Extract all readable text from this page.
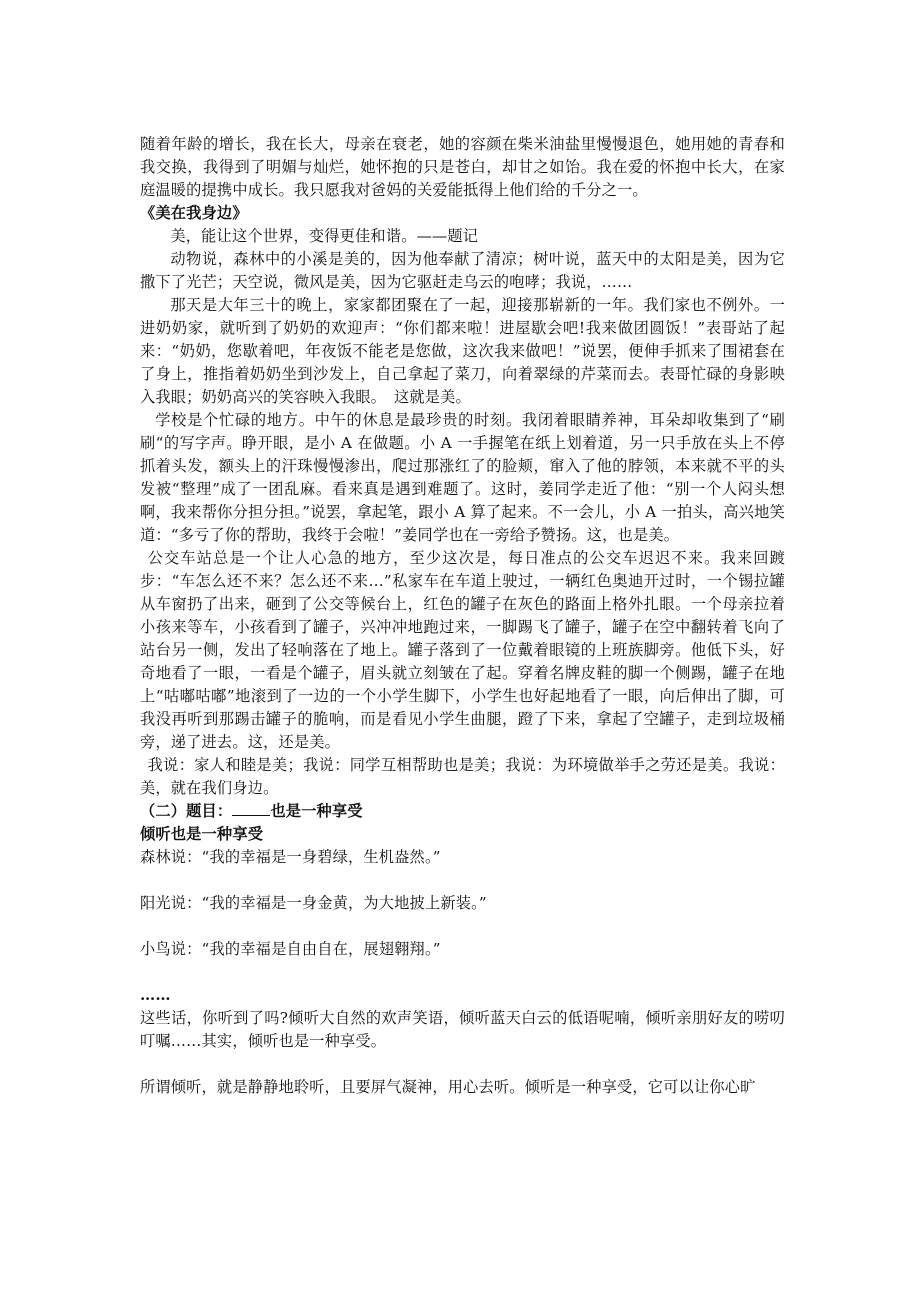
随着年龄的增长，我在长大，母亲在衰老，她的容颜在柴米油盐里慢慢退色，她用她的青春和我交换，我得到了明媚与灿烂，她怀抱的只是苍白，却甘之如饴。我在爱的怀抱中长大，在家庭温暖的提携中成长。我只愿我对爸妈的关爱能抵得上他们给的千分之一。

《美在我身边》

美，能让这个世界，变得更佳和谐。——题记

动物说，森林中的小溪是美的，因为他奉献了清凉；树叶说，蓝天中的太阳是美，因为它撒下了光芒；天空说，微风是美，因为它驱赶走乌云的咆哮；我说，……

那天是大年三十的晚上，家家都团聚在了一起，迎接那崭新的一年。我们家也不例外。一进奶奶家，就听到了奶奶的欢迎声：“你们都来啦！进屋歇会吧!我来做团圆饭！”表哥站了起来：“奶奶，您歇着吧，年夜饭不能老是您做，这次我来做吧！”说罢，便伸手抓来了围裙套在了身上，推指着奶奶坐到沙发上，自己拿起了菜刀，向着翠绿的芹菜而去。表哥忙碌的身影映入我眼；奶奶高兴的笑容映入我眼。　这就是美。

学校是个忙碌的地方。中午的休息是最珍贵的时刻。我闭着眼睛养神，耳朵却收集到了“刷刷“的写字声。睁开眼，是小 A 在做题。小 A 一手握笔在纸上划着道，另一只手放在头上不停抓着头发，额头上的汗珠慢慢渗出，爬过那涨红了的脸颊，窜入了他的脖领，本来就不平的头发被“整理”成了一团乱麻。看来真是遇到难题了。这时，姜同学走近了他：“别一个人闷头想啊，我来帮你分担分担。”说罢，拿起笔，跟小 A 算了起来。不一会儿，小 A 一拍头，高兴地笑道：“多亏了你的帮助，我终于会啦！”姜同学也在一旁给予赞扬。这，也是美。

公交车站总是一个让人心急的地方，至少这次是，每日准点的公交车迟迟不来。我来回踱步：“车怎么还不来？怎么还不来…”私家车在车道上驶过，一辆红色奥迪开过时，一个锡拉罐从车窗扔了出来，砸到了公交等候台上，红色的罐子在灰色的路面上格外扎眼。一个母亲拉着小孩来等车，小孩看到了罐子，兴冲冲地跑过来，一脚踢飞了罐子，罐子在空中翻转着飞向了站台另一侧，发出了轻响落在了地上。罐子落到了一位戴着眼镜的上班族脚旁。他低下头，好奇地看了一眼，一看是个罐子，眉头就立刻皱在了起。穿着名牌皮鞋的脚一个侧踢，罐子在地上“咕嘟咕嘟”地滚到了一边的一个小学生脚下，小学生也好起地看了一眼，向后伸出了脚，可我没再听到那踢击罐子的脆响，而是看见小学生曲腿，蹬了下来，拿起了空罐子，走到垃圾桶旁，递了进去。这，还是美。

我说：家人和睦是美；我说：同学互相帮助也是美；我说：为环境做举手之劳还是美。我说：美，就在我们身边。

（二）题目：	也是一种享受

倾听也是一种享受

森林说：“我的幸福是一身碧绿，生机盎然。”

阳光说：“我的幸福是一身金黄，为大地披上新装。”

小鸟说：“我的幸福是自由自在，展翅翱翔。”

……

这些话，你听到了吗?倾听大自然的欢声笑语，倾听蓝天白云的低语呢喃，倾听亲朋好友的唠叨叮嘱……其实，倾听也是一种享受。

所谓倾听，就是静静地聆听，且要屏气凝神，用心去听。倾听是一种享受，它可以让你心旷
